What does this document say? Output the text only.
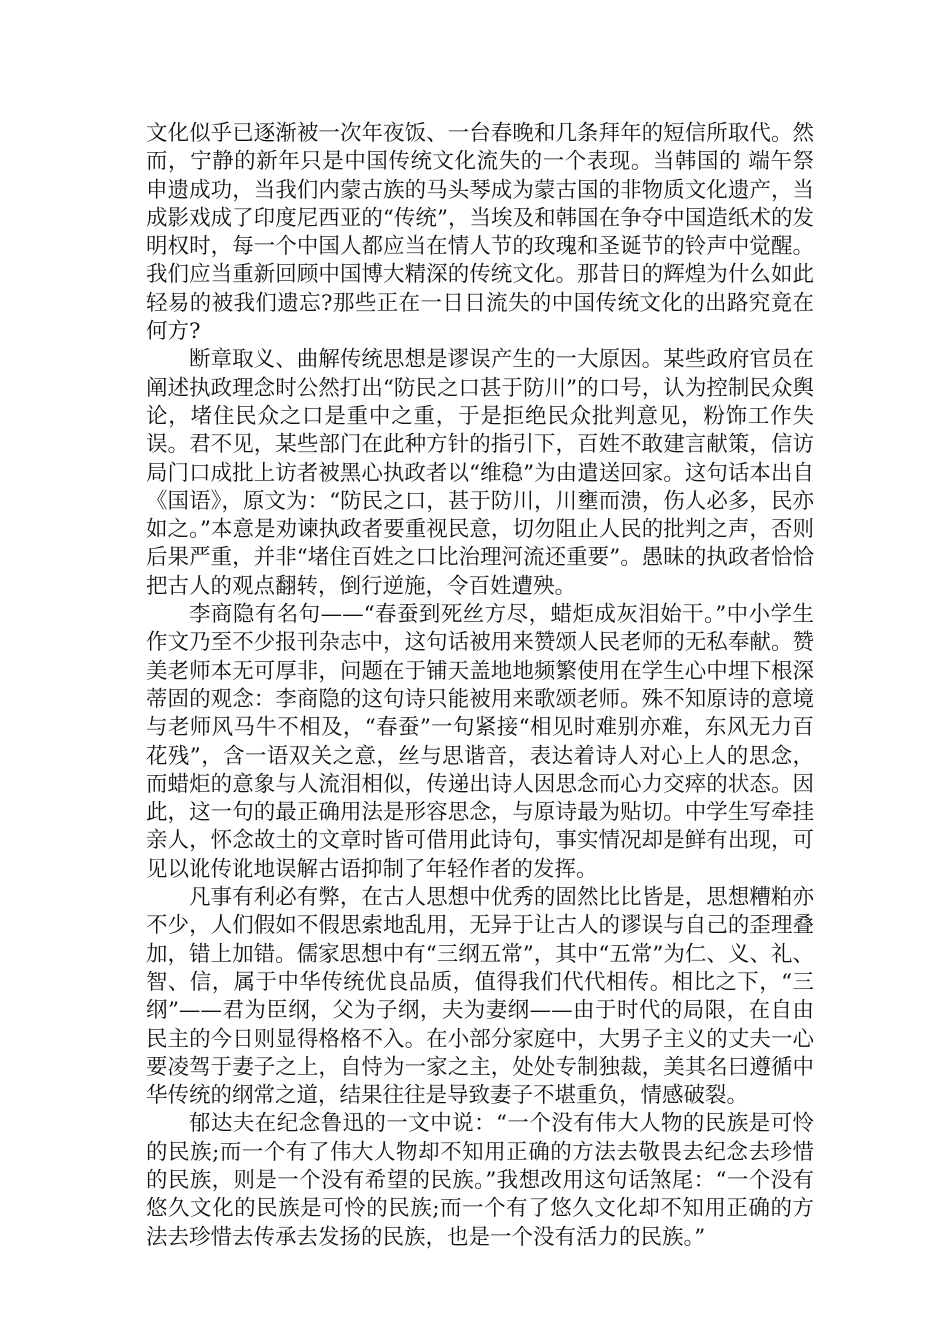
文化似乎已逐渐被一次年夜饭、一台春晚和几条拜年的短信所取代。然而，宁静的新年只是中国传统文化流失的一个表现。当韩国的 端午祭申遗成功，当我们内蒙古族的马头琴成为蒙古国的非物质文化遗产，当成影戏成了印度尼西亚的“传统”，当埃及和韩国在争夺中国造纸术的发明权时，每一个中国人都应当在情人节的玫瑰和圣诞节的铃声中觉醒。我们应当重新回顾中国博大精深的传统文化。那昔日的辉煌为什么如此轻易的被我们遗忘?那些正在一日日流失的中国传统文化的出路究竟在何方?

断章取义、曲解传统思想是谬误产生的一大原因。某些政府官员在阐述执政理念时公然打出“防民之口甚于防川”的口号，认为控制民众舆论，堵住民众之口是重中之重，于是拒绝民众批判意见，粉饰工作失误。君不见，某些部门在此种方针的指引下，百姓不敢建言献策，信访局门口成批上访者被黑心执政者以“维稳”为由遣送回家。这句话本出自《国语》，原文为：“防民之口，甚于防川，川壅而溃，伤人必多，民亦如之。”本意是劝谏执政者要重视民意，切勿阻止人民的批判之声，否则后果严重，并非“堵住百姓之口比治理河流还重要”。愚昧的执政者恰恰把古人的观点翻转，倒行逆施，令百姓遭殃。

李商隐有名句——“春蚕到死丝方尽，蜡炬成灰泪始干。”中小学生作文乃至不少报刊杂志中，这句话被用来赞颂人民老师的无私奉献。赞美老师本无可厚非，问题在于铺天盖地地频繁使用在学生心中埋下根深蒂固的观念：李商隐的这句诗只能被用来歌颂老师。殊不知原诗的意境与老师风马牛不相及，“春蚕”一句紧接“相见时难别亦难，东风无力百花残”，含一语双关之意，丝与思谐音，表达着诗人对心上人的思念，而蜡炬的意象与人流泪相似，传递出诗人因思念而心力交瘁的状态。因此，这一句的最正确用法是形容思念，与原诗最为贴切。中学生写牵挂亲人，怀念故土的文章时皆可借用此诗句，事实情况却是鲜有出现，可见以讹传讹地误解古语抑制了年轻作者的发挥。

凡事有利必有弊，在古人思想中优秀的固然比比皆是，思想糟粕亦不少，人们假如不假思索地乱用，无异于让古人的谬误与自己的歪理叠加，错上加错。儒家思想中有“三纲五常”，其中“五常”为仁、义、礼、智、信，属于中华传统优良品质，值得我们代代相传。相比之下，“三纲”——君为臣纲，父为子纲，夫为妻纲——由于时代的局限，在自由民主的今日则显得格格不入。在小部分家庭中，大男子主义的丈夫一心要凌驾于妻子之上，自恃为一家之主，处处专制独裁，美其名曰遵循中华传统的纲常之道，结果往往是导致妻子不堪重负，情感破裂。

郁达夫在纪念鲁迅的一文中说：“一个没有伟大人物的民族是可怜的民族;而一个有了伟大人物却不知用正确的方法去敬畏去纪念去珍惜的民族，则是一个没有希望的民族。”我想改用这句话煞尾：“一个没有悠久文化的民族是可怜的民族;而一个有了悠久文化却不知用正确的方法去珍惜去传承去发扬的民族，也是一个没有活力的民族。”
